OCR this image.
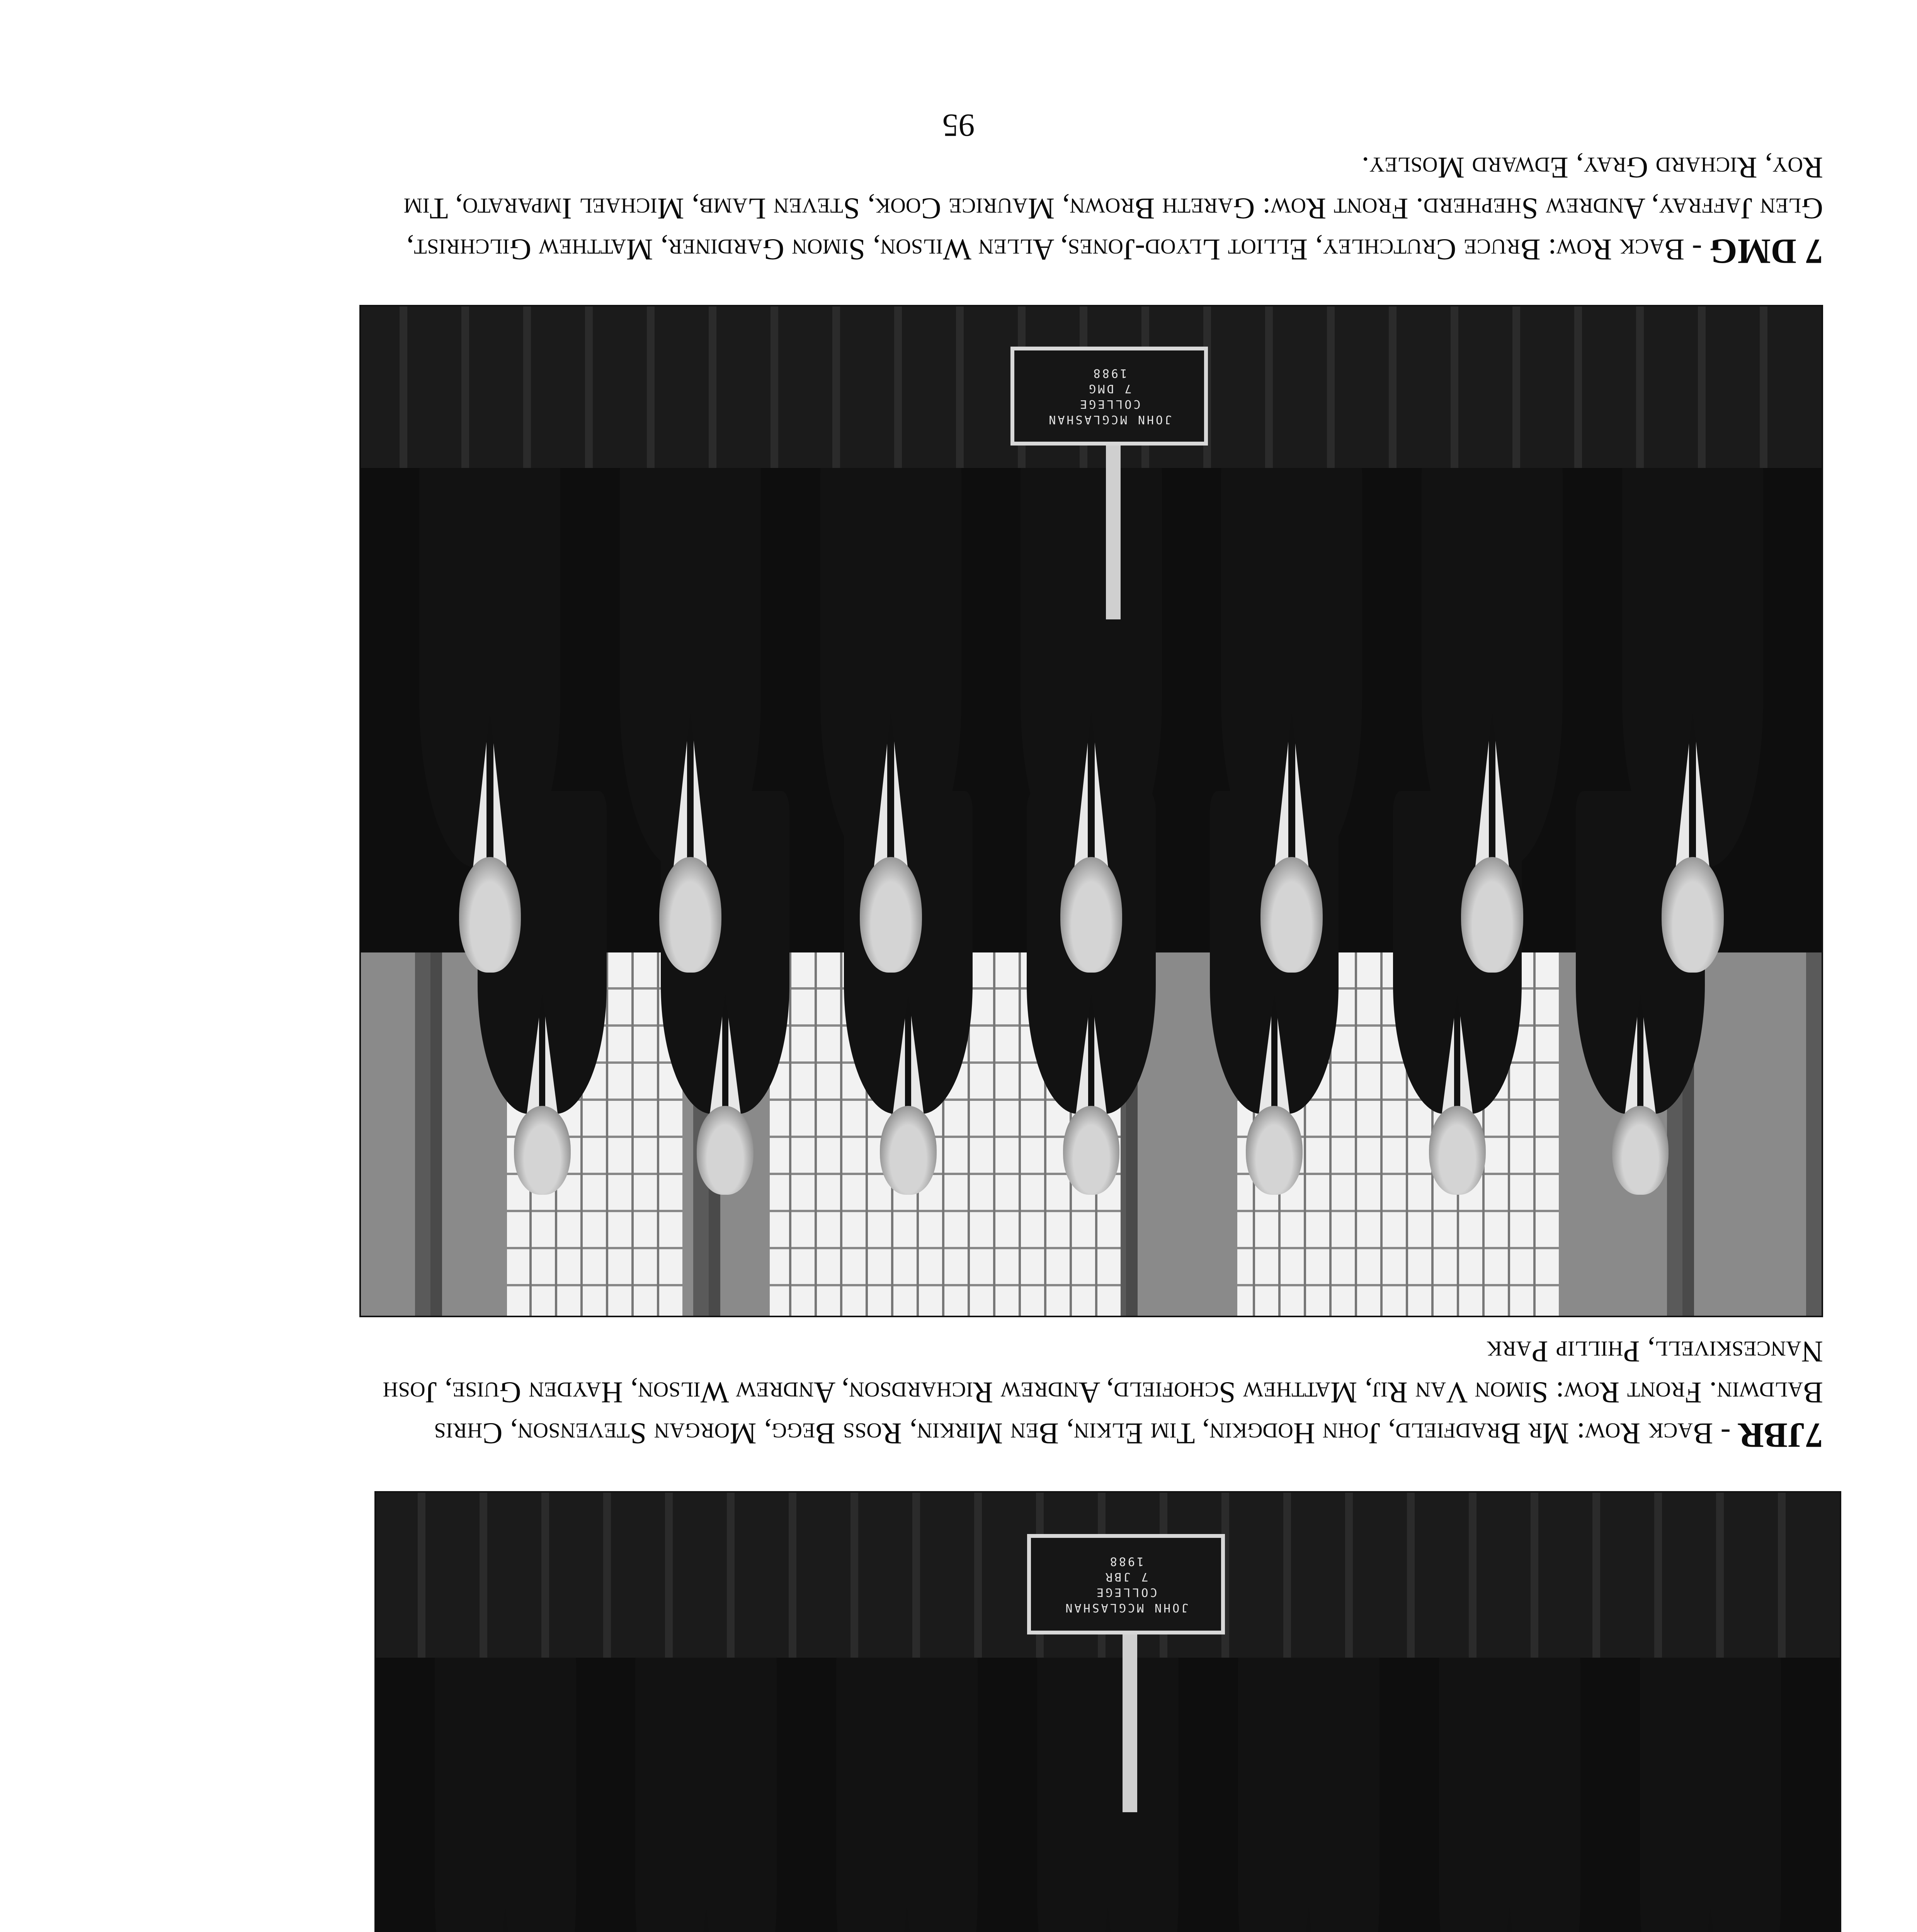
JOHN MCGLASHAN
COLLEGE
7 DMG
1988

7 DMG - Back Row: Bruce Crutchley, Elliot Llyod-Jones, Allen Wilson, Simon Gardiner, Matthew Gilchrist, Glen Jaffray, Andrew Shepherd. Front Row: Gareth Brown, Maurice Cook, Steven Lamb, Michael Imparato, Tim Roy, Richard Gray, Edward Mosley.

JOHN MCGLASHAN
COLLEGE
7 JBR
1988

7JBR - Back Row: Mr Bradfield, John Hodgkin, Tim Elkin, Ben Mirkin, Ross Begg, Morgan Stevenson, Chris Baldwin. Front Row: Simon Van Rij, Matthew Schofield, Andrew Richardson, Andrew Wilson, Hayden Guise, Josh Nanceskivell, Phillip Park

95
